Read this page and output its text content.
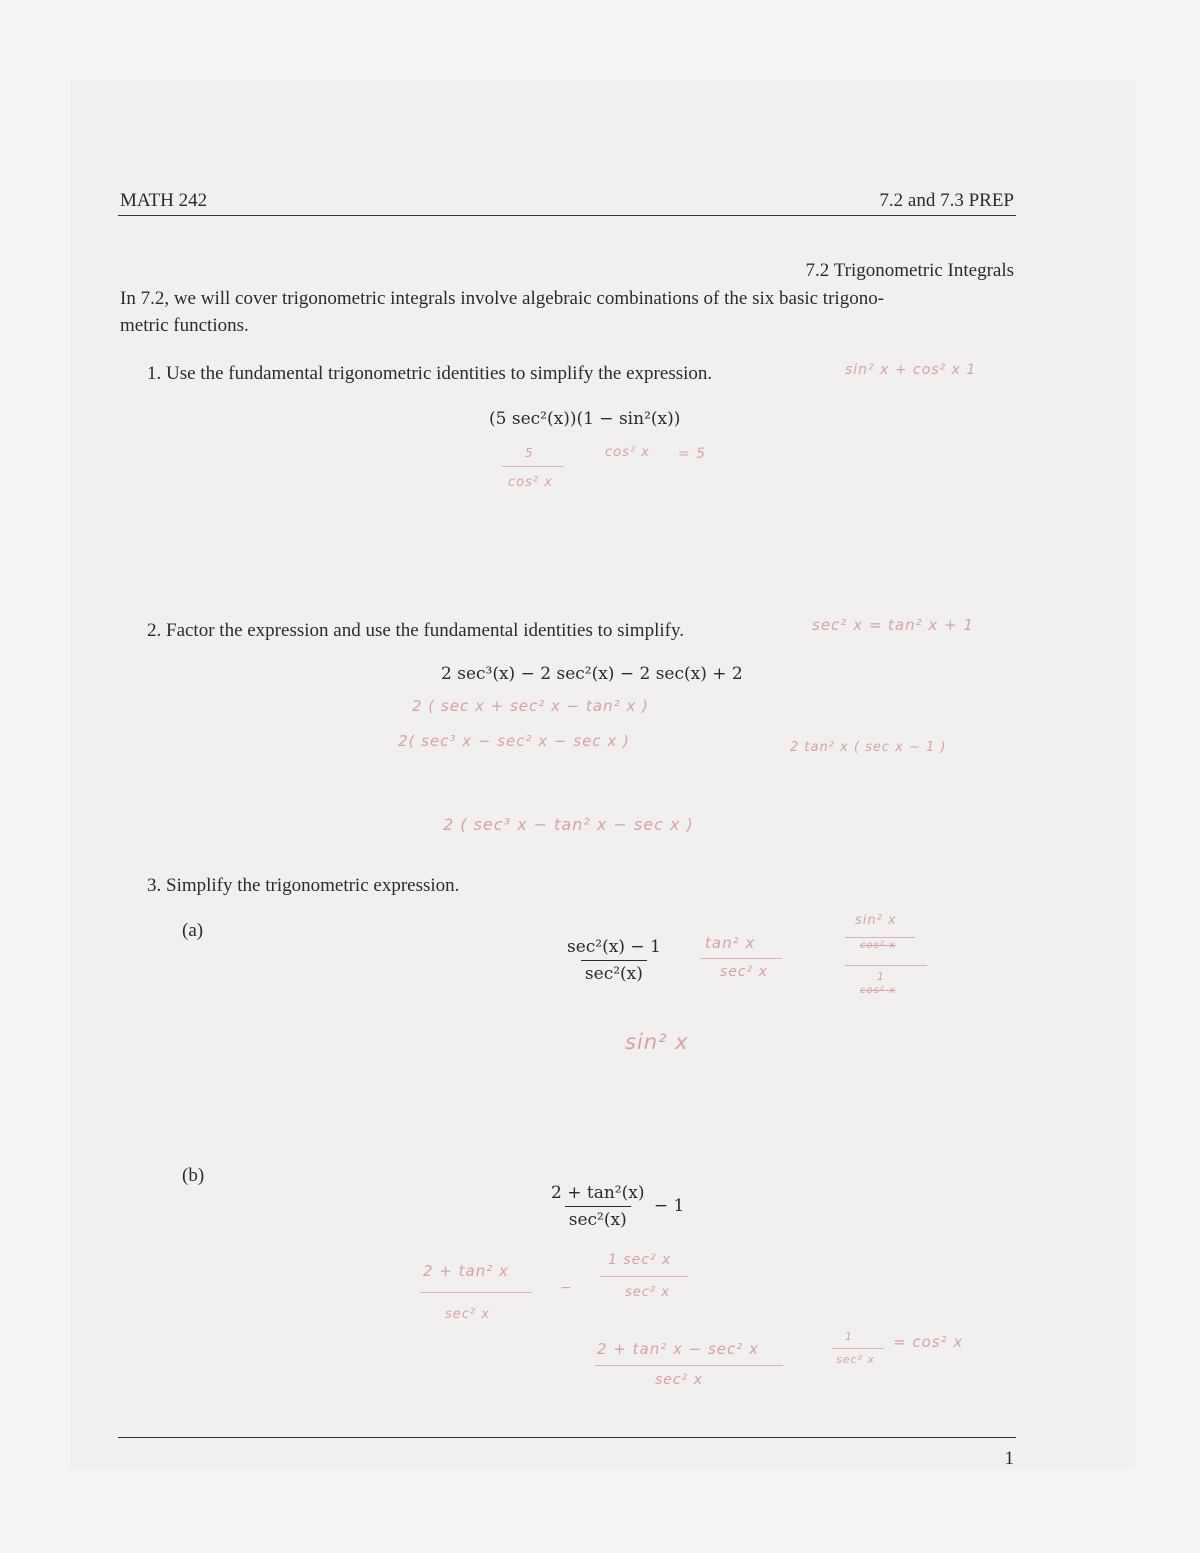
MATH 242	7.2 and 7.3 PREP
7.2 Trigonometric Integrals
In 7.2, we will cover trigonometric integrals involve algebraic combinations of the six basic trigono-
metric functions.
1. Use the fundamental trigonometric identities to simplify the expression.
(5 sec²(x))(1 − sin²(x))
sin² x + cos² x 1
5
cos² x
cos² x = 5
2. Factor the expression and use the fundamental identities to simplify.
2 sec³(x) − 2 sec²(x) − 2 sec(x) + 2
sec² x = tan² x + 1
2 ( sec x + sec² x − tan² x )
2( sec³ x − sec² x − sec x )	2 tan² x ( sec x − 1 )
2 ( sec³ x − tan² x − sec x )
3. Simplify the trigonometric expression.
(a)
$\frac{\text{sec²(x) − 1}}{\text{sec²(x)}}$	tan² x
sec² x
sin² x
cos² x
1
cos² x
sin² x
(b)
$\frac{\text{2 + tan²(x)}}{\text{sec²(x)}} - 1$
2 + tan² x
sec² x
−
1 sec² x
sec² x
2 + tan² x − sec² x
sec² x
1
sec² x
= cos² x
1
